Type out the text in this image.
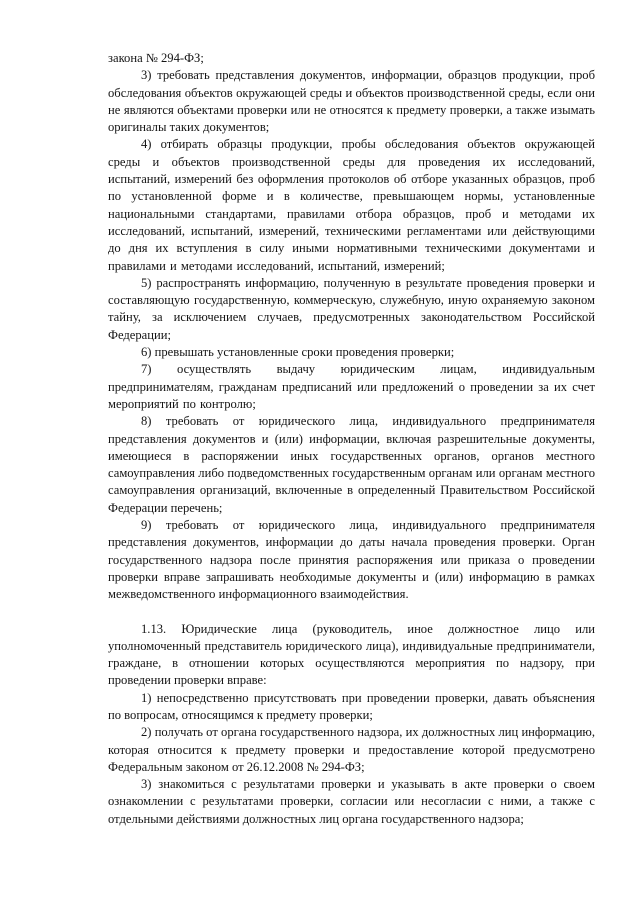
закона № 294-ФЗ;

3) требовать представления документов, информации, образцов продукции, проб обследования объектов окружающей среды и объектов производственной среды, если они не являются объектами проверки или не относятся к предмету проверки, а также изымать оригиналы таких документов;

4) отбирать образцы продукции, пробы обследования объектов окружающей среды и объектов производственной среды для проведения их исследований, испытаний, измерений без оформления протоколов об отборе указанных образцов, проб по установленной форме и в количестве, превышающем нормы, установленные национальными стандартами, правилами отбора образцов, проб и методами их исследований, испытаний, измерений, техническими регламентами или действующими до дня их вступления в силу иными нормативными техническими документами и правилами и методами исследований, испытаний, измерений;

5) распространять информацию, полученную в результате проведения проверки и составляющую государственную, коммерческую, служебную, иную охраняемую законом тайну, за исключением случаев, предусмотренных законодательством Российской Федерации;

6) превышать установленные сроки проведения проверки;

7) осуществлять выдачу юридическим лицам, индивидуальным предпринимателям, гражданам предписаний или предложений о проведении за их счет мероприятий по контролю;

8) требовать от юридического лица, индивидуального предпринимателя представления документов и (или) информации, включая разрешительные документы, имеющиеся в распоряжении иных государственных органов, органов местного самоуправления либо подведомственных государственным органам или органам местного самоуправления организаций, включенные в определенный Правительством Российской Федерации перечень;

9) требовать от юридического лица, индивидуального предпринимателя представления документов, информации до даты начала проведения проверки. Орган государственного надзора после принятия распоряжения или приказа о проведении проверки вправе запрашивать необходимые документы и (или) информацию в рамках межведомственного информационного взаимодействия.

1.13. Юридические лица (руководитель, иное должностное лицо или уполномоченный представитель юридического лица), индивидуальные предприниматели, граждане, в отношении которых осуществляются мероприятия по надзору, при проведении проверки вправе:

1) непосредственно присутствовать при проведении проверки, давать объяснения по вопросам, относящимся к предмету проверки;

2) получать от органа государственного надзора, их должностных лиц информацию, которая относится к предмету проверки и предоставление которой предусмотрено Федеральным законом от 26.12.2008 № 294-ФЗ;

3) знакомиться с результатами проверки и указывать в акте проверки о своем ознакомлении с результатами проверки, согласии или несогласии с ними, а также с отдельными действиями должностных лиц органа государственного надзора;
